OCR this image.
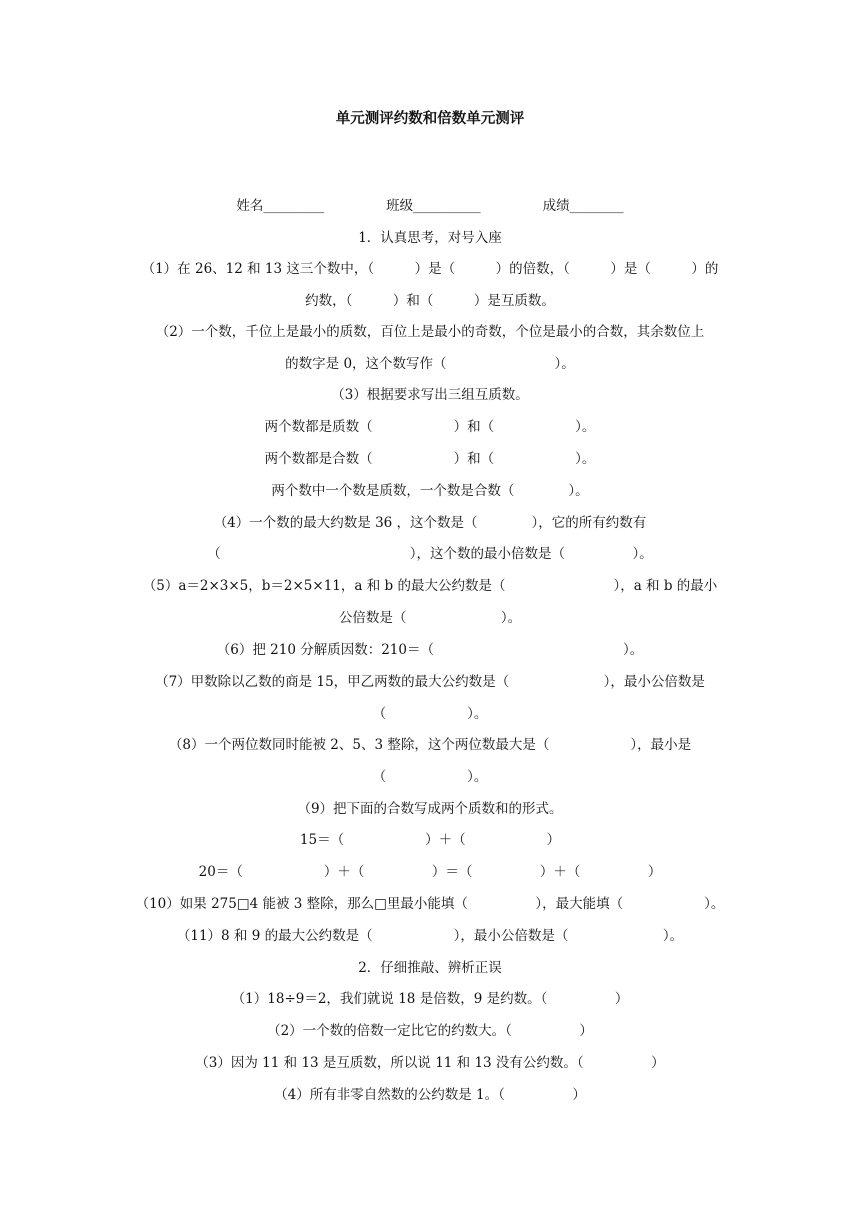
单元测评约数和倍数单元测评
姓名_________	班级__________	成绩________
1．认真思考，对号入座
（1）在 26、12 和 13 这三个数中，（　　　）是（　　　）的倍数，（　　　）是（　　　）的
约数，（　　　）和（　　　）是互质数。
（2）一个数，千位上是最小的质数，百位上是最小的奇数，个位是最小的合数，其余数位上
的数字是 0，这个数写作（　　　　　　　　）。
（3）根据要求写出三组互质数。
两个数都是质数（　　　　　　）和（　　　　　　）。
两个数都是合数（　　　　　　）和（　　　　　　）。
两个数中一个数是质数，一个数是合数（　　　　）。
（4）一个数的最大约数是 36 ，这个数是（　　　　），它的所有约数有
（　　　　　　　　　　　　　　），这个数的最小倍数是（　　　　　）。
（5）a＝2×3×5，b＝2×5×11，a 和 b 的最大公约数是（　　　　　　　　），a 和 b 的最小
公倍数是（　　　　　　　）。
（6）把 210 分解质因数：210＝（　　　　　　　　　　　　　　）。
（7）甲数除以乙数的商是 15，甲乙两数的最大公约数是（　　　　　　　），最小公倍数是
（　　　　　　）。
（8）一个两位数同时能被 2、5、3 整除，这个两位数最大是（　　　　　　），最小是
（　　　　　　）。
（9）把下面的合数写成两个质数和的形式。
15＝（　　　　　　）＋（　　　　　　）
20＝（　　　　　　）＋（　　　　　）＝（　　　　　）＋（　　　　　）
（10）如果 275□4 能被 3 整除，那么□里最小能填（　　　　　），最大能填（　　　　　　）。
（11）8 和 9 的最大公约数是（　　　　　　），最小公倍数是（　　　　　　　）。
2．仔细推敲、辨析正误
（1）18÷9＝2，我们就说 18 是倍数，9 是约数。（　　　　　）
（2）一个数的倍数一定比它的约数大。（　　　　　）
（3）因为 11 和 13 是互质数，所以说 11 和 13 没有公约数。（　　　　　）
（4）所有非零自然数的公约数是 1。（　　　　　）
